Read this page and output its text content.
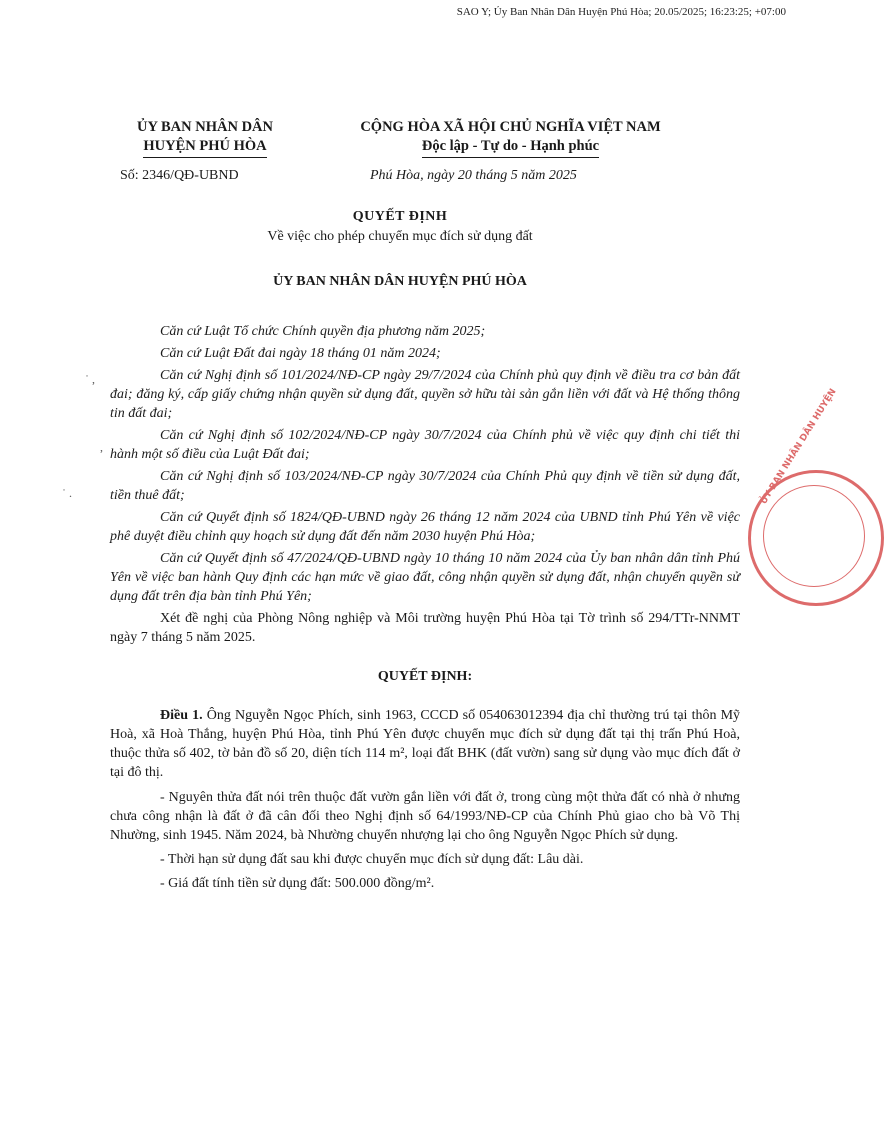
SAO Y; Ủy Ban Nhân Dân Huyện Phú Hòa; 20.05/2025; 16:23:25; +07:00
ỦY BAN NHÂN DÂN
HUYỆN PHÚ HÒA
CỘNG HÒA XÃ HỘI CHỦ NGHĨA VIỆT NAM
Độc lập - Tự do - Hạnh phúc
Số: 2346/QĐ-UBND	Phú Hòa, ngày 20 tháng 5 năm 2025
QUYẾT ĐỊNH
Về việc cho phép chuyển mục đích sử dụng đất
ỦY BAN NHÂN DÂN HUYỆN PHÚ HÒA

Căn cứ Luật Tổ chức Chính quyền địa phương năm 2025;

Căn cứ Luật Đất đai ngày 18 tháng 01 năm 2024;

Căn cứ Nghị định số 101/2024/NĐ-CP ngày 29/7/2024 của Chính phủ quy định về điều tra cơ bản đất đai; đăng ký, cấp giấy chứng nhận quyền sử dụng đất, quyền sở hữu tài sản gắn liền với đất và Hệ thống thông tin đất đai;

Căn cứ Nghị định số 102/2024/NĐ-CP ngày 30/7/2024 của Chính phủ về việc quy định chi tiết thi hành một số điều của Luật Đất đai;

Căn cứ Nghị định số 103/2024/NĐ-CP ngày 30/7/2024 của Chính Phủ quy định về tiền sử dụng đất, tiền thuê đất;

Căn cứ Quyết định số 1824/QĐ-UBND ngày 26 tháng 12 năm 2024 của UBND tỉnh Phú Yên về việc phê duyệt điều chỉnh quy hoạch sử dụng đất đến năm 2030 huyện Phú Hòa;

Căn cứ Quyết định số 47/2024/QĐ-UBND ngày 10 tháng 10 năm 2024 của Ủy ban nhân dân tỉnh Phú Yên về việc ban hành Quy định các hạn mức về giao đất, công nhận quyền sử dụng đất, nhận chuyển quyền sử dụng đất trên địa bàn tỉnh Phú Yên;

Xét đề nghị của Phòng Nông nghiệp và Môi trường huyện Phú Hòa tại Tờ trình số 294/TTr-NNMT ngày 7 tháng 5 năm 2025.

QUYẾT ĐỊNH:

Điều 1. Ông Nguyễn Ngọc Phích, sinh 1963, CCCD số 054063012394 địa chỉ thường trú tại thôn Mỹ Hoà, xã Hoà Thắng, huyện Phú Hòa, tỉnh Phú Yên được chuyển mục đích sử dụng đất tại thị trấn Phú Hoà, thuộc thửa số 402, tờ bản đồ số 20, diện tích 114 m², loại đất BHK (đất vườn) sang sử dụng vào mục đích đất ở tại đô thị.

- Nguyên thửa đất nói trên thuộc đất vườn gắn liền với đất ở, trong cùng một thửa đất có nhà ở nhưng chưa công nhận là đất ở đã cân đối theo Nghị định số 64/1993/NĐ-CP của Chính Phủ giao cho bà Võ Thị Nhường, sinh 1945. Năm 2024, bà Nhường chuyển nhượng lại cho ông Nguyễn Ngọc Phích sử dụng.

- Thời hạn sử dụng đất sau khi được chuyển mục đích sử dụng đất: Lâu dài.

- Giá đất tính tiền sử dụng đất: 500.000 đồng/m².

ỦY BAN NHÂN DÂN HUYỆN
˙ ,
,
˙ .
